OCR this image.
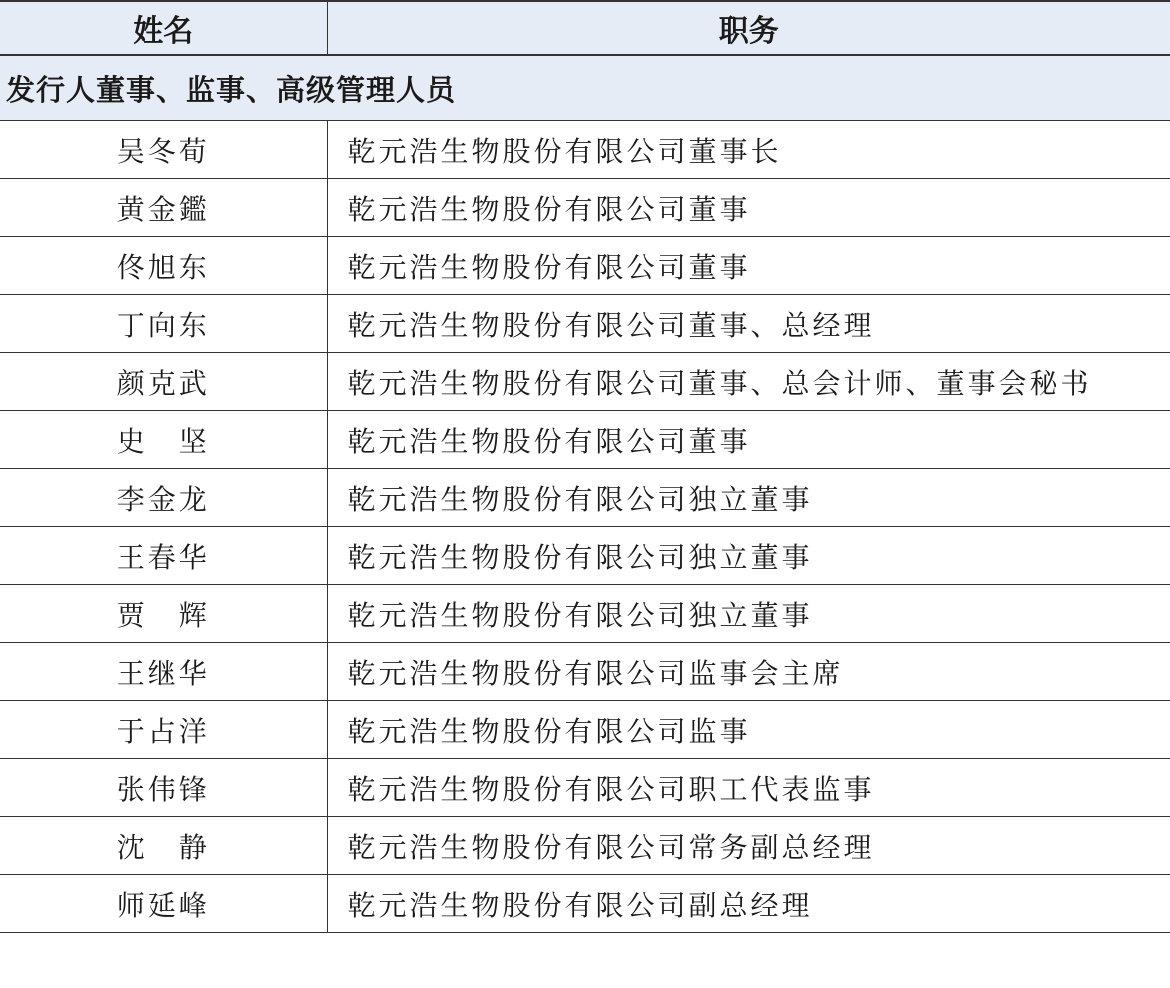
姓名	职务
发行人董事、监事、高级管理人员	
吴冬荀	乾元浩生物股份有限公司董事长
黄金鑑	乾元浩生物股份有限公司董事
佟旭东	乾元浩生物股份有限公司董事
丁向东	乾元浩生物股份有限公司董事、总经理
颜克武	乾元浩生物股份有限公司董事、总会计师、董事会秘书
史　坚	乾元浩生物股份有限公司董事
李金龙	乾元浩生物股份有限公司独立董事
王春华	乾元浩生物股份有限公司独立董事
贾　辉	乾元浩生物股份有限公司独立董事
王继华	乾元浩生物股份有限公司监事会主席
于占洋	乾元浩生物股份有限公司监事
张伟锋	乾元浩生物股份有限公司职工代表监事
沈　静	乾元浩生物股份有限公司常务副总经理
师延峰	乾元浩生物股份有限公司副总经理
